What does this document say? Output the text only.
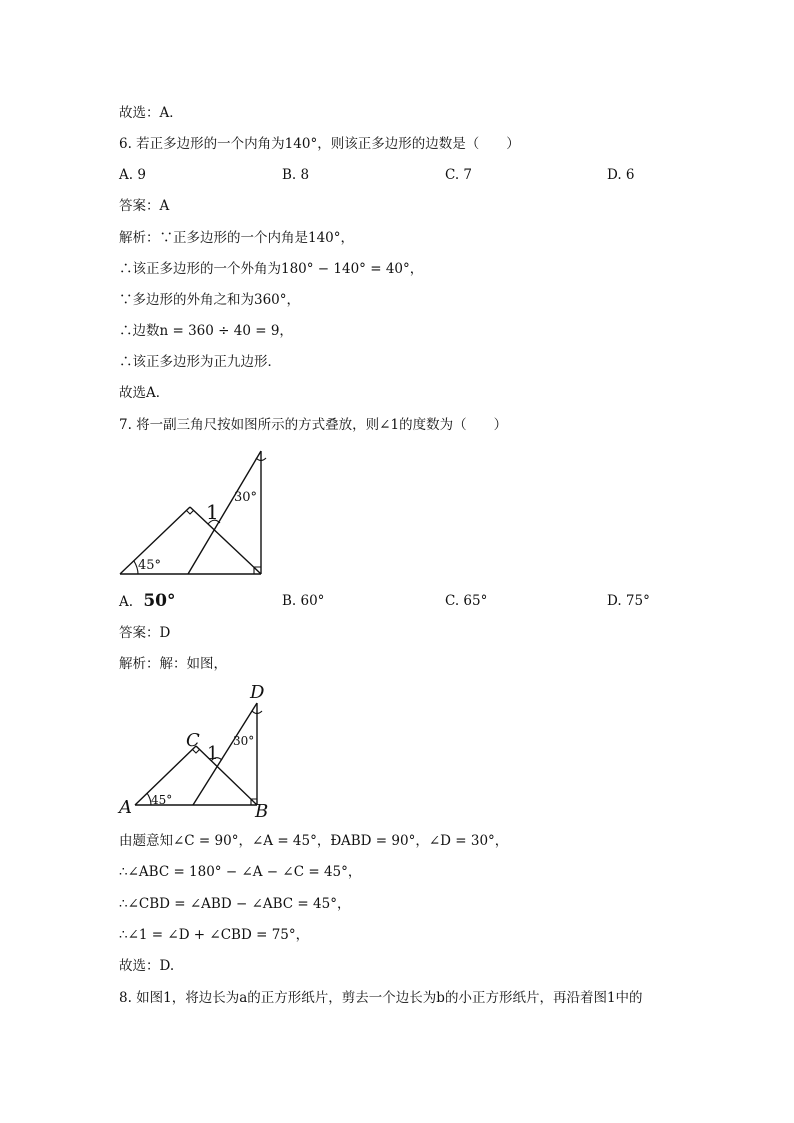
故选：A．
6. 若正多边形的一个内角为140°，则该正多边形的边数是（　　）
A. 9	B. 8	C. 7	D. 6
答案：A
解析：∵正多边形的一个内角是140°，
∴该正多边形的一个外角为180° − 140° = 40°，
∵多边形的外角之和为360°，
∴边数n = 360 ÷ 40 = 9，
∴该正多边形为正九边形．
故选A．
7. 将一副三角尺按如图所示的方式叠放，则∠1的度数为（　　）
1
30°
45°
A. 50°	B. 60°	C. 65°	D. 75°
答案：D
解析：解：如图，
D
C
A	B
1
30°
45°
由题意知∠C = 90°，∠A = 45°，ÐABD = 90°，∠D = 30°，
∴∠ABC = 180° − ∠A − ∠C = 45°，
∴∠CBD = ∠ABD − ∠ABC = 45°，
∴∠1 = ∠D + ∠CBD = 75°，
故选：D.
8. 如图1，将边长为a的正方形纸片，剪去一个边长为b的小正方形纸片，再沿着图1中的
